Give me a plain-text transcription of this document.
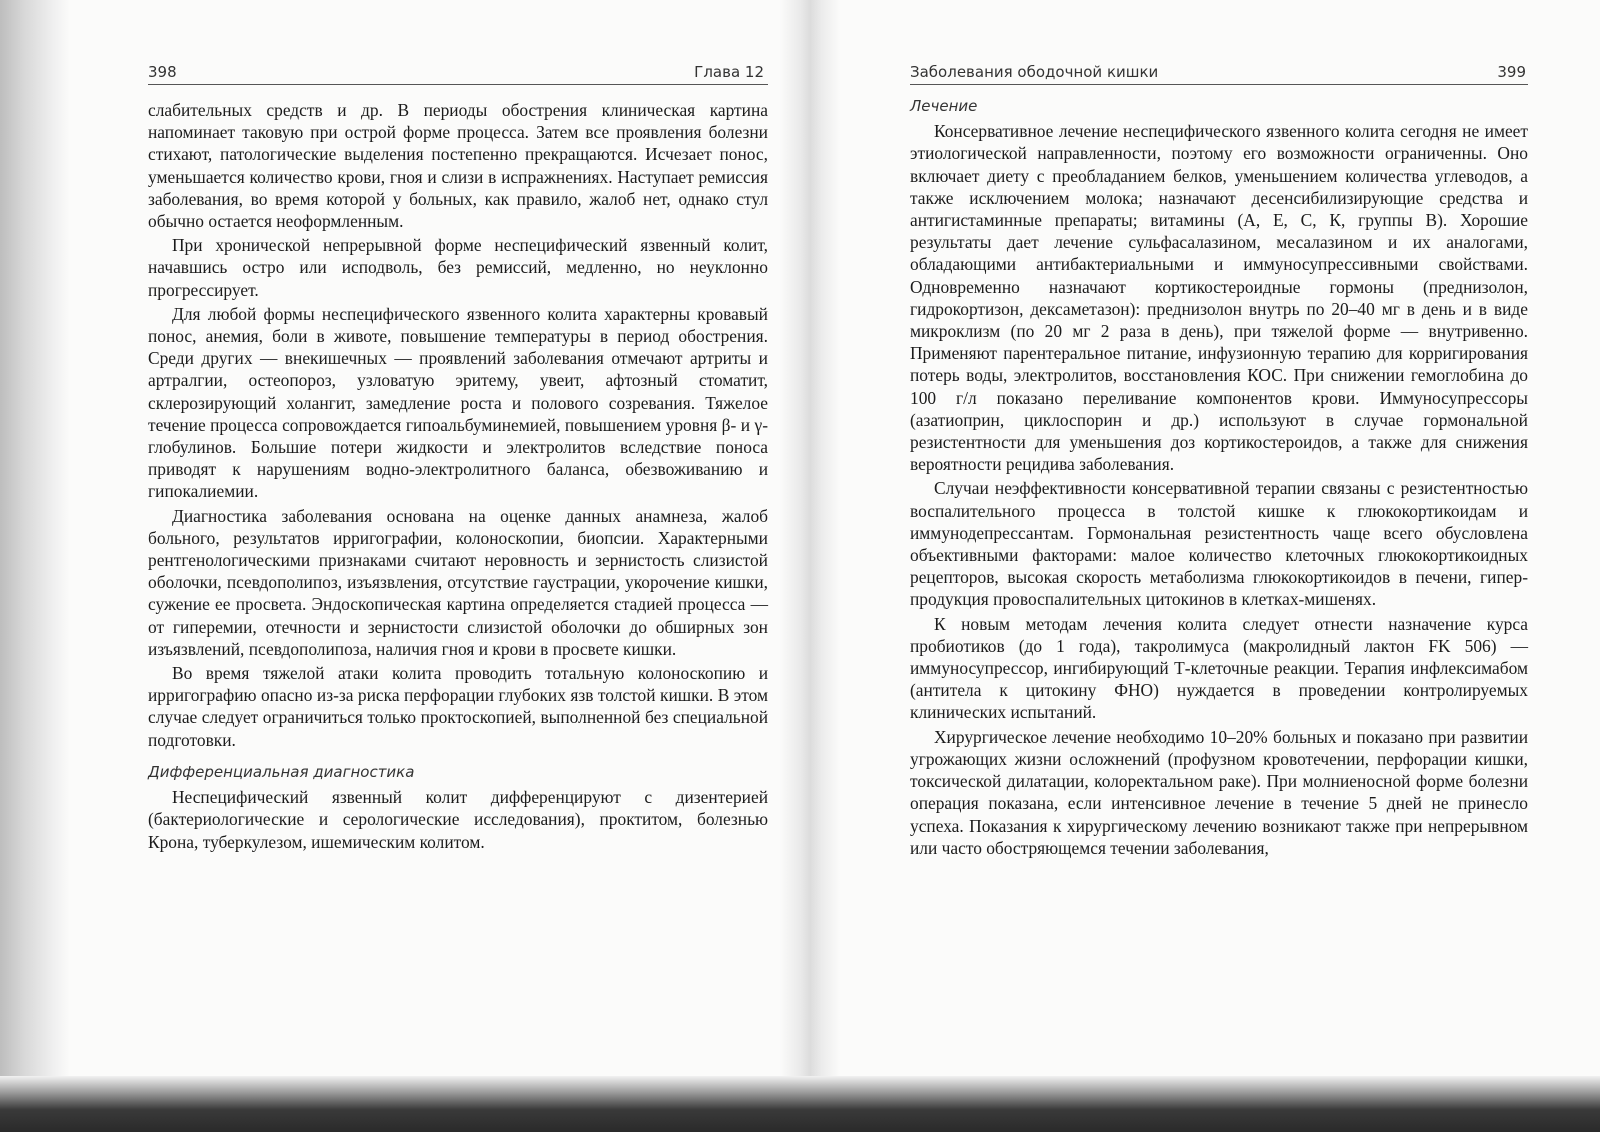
398	Глава 12

слабительных средств и др. В периоды обострения клиническая картина напоминает таковую при острой форме процесса. Затем все проявления болезни стихают, патологические выделения постепенно прекращаются. Исчезает понос, уменьшается количество крови, гноя и слизи в испражнениях. Наступает ремиссия заболевания, во время которой у больных, как правило, жалоб нет, однако стул обычно остается неоформленным.

При хронической непрерывной форме неспецифический язвенный колит, начавшись остро или исподволь, без ремиссий, медленно, но неуклонно прогрессирует.

Для любой формы неспецифического язвенного колита характерны кровавый понос, анемия, боли в животе, повышение температуры в период обострения. Среди других — внекишечных — проявлений заболевания отмечают артриты и артралгии, остеопороз, узловатую эритему, увеит, афтозный стоматит, склерозирующий холангит, замедление роста и полового созревания. Тяжелое течение процесса сопровождается гипоальбуминемией, повышением уровня β- и γ-глобулинов. Большие потери жидкости и электролитов вследствие поноса приводят к нарушениям водно-электролитного баланса, обезвоживанию и гипокалиемии.

Диагностика заболевания основана на оценке данных анамнеза, жалоб больного, результатов ирригографии, колоноскопии, биопсии. Характерными рентгенологическими признаками считают неровность и зернистость слизистой оболочки, псевдополипоз, изъязвления, отсутствие гаустрации, укорочение кишки, сужение ее просвета. Эндоскопическая картина определяется стадией процесса — от гиперемии, отечности и зернистости слизистой оболочки до обширных зон изъязвлений, псевдополипоза, наличия гноя и крови в просвете кишки.

Во время тяжелой атаки колита проводить тотальную колоноскопию и ирригографию опасно из-за риска перфорации глубоких язв толстой кишки. В этом случае следует ограничиться только проктоскопией, выполненной без специальной подготовки.

Дифференциальная диагностика

Неспецифический язвенный колит дифференцируют с дизентерией (бактериологические и серологические исследования), проктитом, болезнью Крона, туберкулезом, ишемическим колитом.

Заболевания ободочной кишки	399
Лечение

Консервативное лечение неспецифического язвенного колита сегодня не имеет этиологической направленности, поэтому его возможности ограниченны. Оно включает диету с преобладанием белков, уменьшением количества углеводов, а также исключением молока; назначают десенсибилизирующие средства и антигистаминные препараты; витамины (А, Е, С, К, группы В). Хорошие результаты дает лечение сульфасалазином, месалазином и их аналогами, обладающими антибактериальными и иммуносупрессивными свойствами. Одновременно назначают кортикостероидные гормоны (преднизолон, гидрокортизон, дексаметазон): преднизолон внутрь по 20–40 мг в день и в виде микроклизм (по 20 мг 2 раза в день), при тяжелой форме — внутривенно. Применяют парентеральное питание, инфузионную терапию для корригирования потерь воды, электролитов, восстановления КОС. При снижении гемоглобина до 100 г/л показано переливание компонентов крови. Иммуносупрессоры (азатиоприн, циклоспорин и др.) используют в случае гормональной резистентности для уменьшения доз кортикостероидов, а также для снижения вероятности рецидива заболевания.

Случаи неэффективности консервативной терапии связаны с резистентностью воспалительного процесса в толстой кишке к глюкокортикоидам и иммунодепрессантам. Гормональная резистентность чаще всего обусловлена объективными факторами: малое количество клеточных глюкокортикоидных рецепторов, высокая скорость метаболизма глюкокортикоидов в печени, гиперпродукция провоспалительных цитокинов в клетках-мишенях.

К новым методам лечения колита следует отнести назначение курса пробиотиков (до 1 года), такролимуса (макролидный лактон FK 506) — иммуносупрессор, ингибирующий Т-клеточные реакции. Терапия инфлексимабом (антитела к цитокину ФНО) нуждается в проведении контролируемых клинических испытаний.

Хирургическое лечение необходимо 10–20% больных и показано при развитии угрожающих жизни осложнений (профузном кровотечении, перфорации кишки, токсической дилатации, колоректальном раке). При молниеносной форме болезни операция показана, если интенсивное лечение в течение 5 дней не принесло успеха. Показания к хирургическому лечению возникают также при непрерывном или часто обостряющемся течении заболевания,
